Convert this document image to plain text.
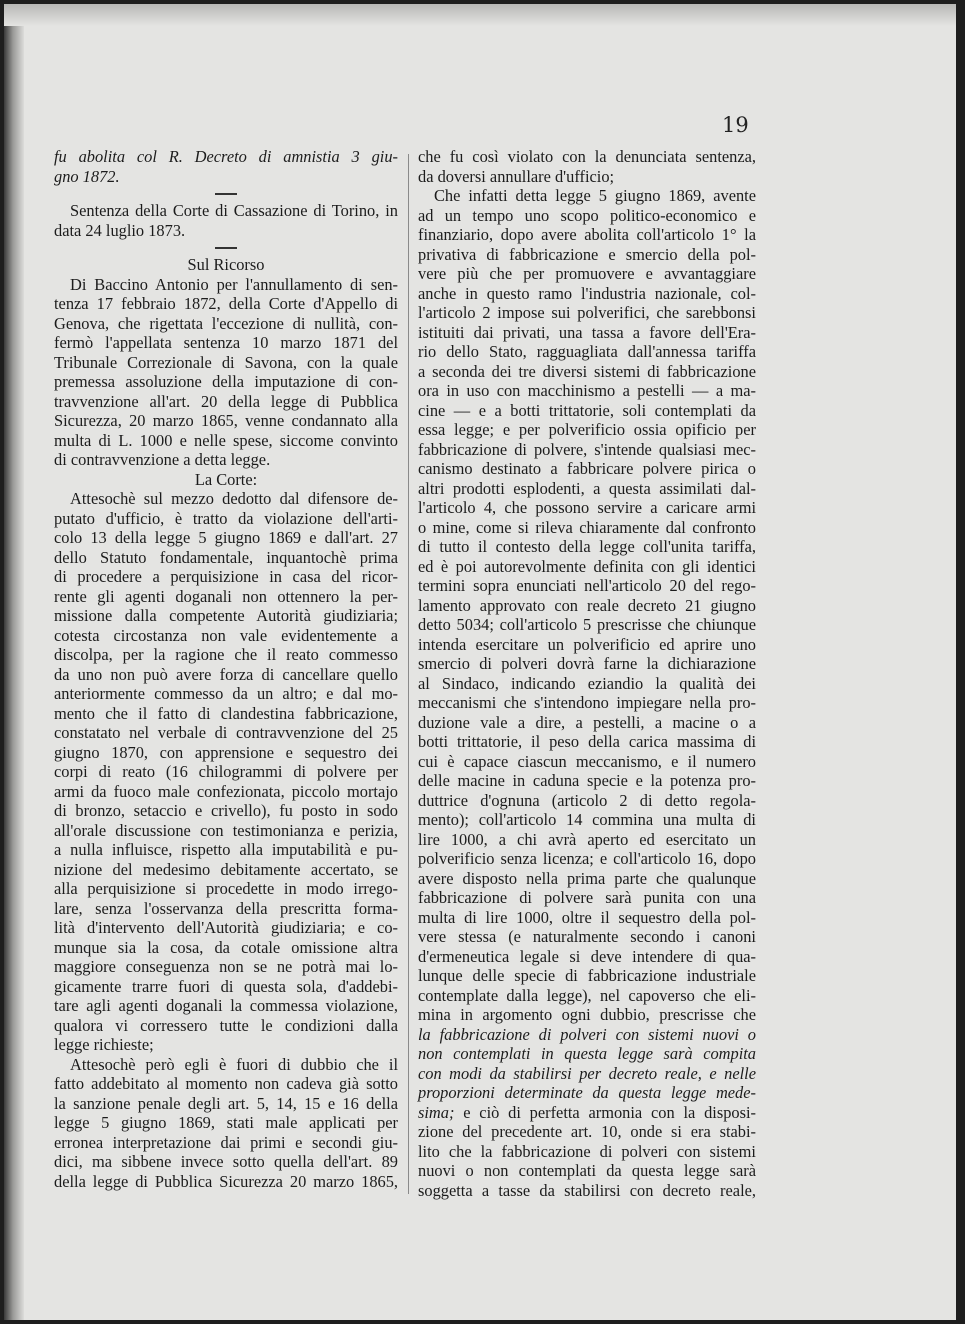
19

fu abolita col R. Decreto di amnistia 3 giu-

gno 1872.

Sentenza della Corte di Cassazione di Torino, in

data 24 luglio 1873.

Sul Ricorso

Di Baccino Antonio per l'annullamento di sen-

tenza 17 febbraio 1872, della Corte d'Appello di

Genova, che rigettata l'eccezione di nullità, con-

fermò l'appellata sentenza 10 marzo 1871 del

Tribunale Correzionale di Savona, con la quale

premessa assoluzione della imputazione di con-

travvenzione all'art. 20 della legge di Pubblica

Sicurezza, 20 marzo 1865, venne condannato alla

multa di L. 1000 e nelle spese, siccome convinto

di contravvenzione a detta legge.

La Corte:

Attesochè sul mezzo dedotto dal difensore de-

putato d'ufficio, è tratto da violazione dell'arti-

colo 13 della legge 5 giugno 1869 e dall'art. 27

dello Statuto fondamentale, inquantochè prima

di procedere a perquisizione in casa del ricor-

rente gli agenti doganali non ottennero la per-

missione dalla competente Autorità giudiziaria;

cotesta circostanza non vale evidentemente a

discolpa, per la ragione che il reato commesso

da uno non può avere forza di cancellare quello

anteriormente commesso da un altro; e dal mo-

mento che il fatto di clandestina fabbricazione,

constatato nel verbale di contravvenzione del 25

giugno 1870, con apprensione e sequestro dei

corpi di reato (16 chilogrammi di polvere per

armi da fuoco male confezionata, piccolo mortajo

di bronzo, setaccio e crivello), fu posto in sodo

all'orale discussione con testimonianza e perizia,

a nulla influisce, rispetto alla imputabilità e pu-

nizione del medesimo debitamente accertato, se

alla perquisizione si procedette in modo irrego-

lare, senza l'osservanza della prescritta forma-

lità d'intervento dell'Autorità giudiziaria; e co-

munque sia la cosa, da cotale omissione altra

maggiore conseguenza non se ne potrà mai lo-

gicamente trarre fuori di questa sola, d'addebi-

tare agli agenti doganali la commessa violazione,

qualora vi corressero tutte le condizioni dalla

legge richieste;

Attesochè però egli è fuori di dubbio che il

fatto addebitato al momento non cadeva già sotto

la sanzione penale degli art. 5, 14, 15 e 16 della

legge 5 giugno 1869, stati male applicati per

erronea interpretazione dai primi e secondi giu-

dici, ma sibbene invece sotto quella dell'art. 89

della legge di Pubblica Sicurezza 20 marzo 1865,

che fu così violato con la denunciata sentenza,

da doversi annullare d'ufficio;

Che infatti detta legge 5 giugno 1869, avente

ad un tempo uno scopo politico-economico e

finanziario, dopo avere abolita coll'articolo 1° la

privativa di fabbricazione e smercio della pol-

vere più che per promuovere e avvantaggiare

anche in questo ramo l'industria nazionale, col-

l'articolo 2 impose sui polverifici, che sarebbonsi

istituiti dai privati, una tassa a favore dell'Era-

rio dello Stato, ragguagliata dall'annessa tariffa

a seconda dei tre diversi sistemi di fabbricazione

ora in uso con macchinismo a pestelli — a ma-

cine — e a botti trittatorie, soli contemplati da

essa legge; e per polverificio ossia opificio per

fabbricazione di polvere, s'intende qualsiasi mec-

canismo destinato a fabbricare polvere pirica o

altri prodotti esplodenti, a questa assimilati dal-

l'articolo 4, che possono servire a caricare armi

o mine, come si rileva chiaramente dal confronto

di tutto il contesto della legge coll'unita tariffa,

ed è poi autorevolmente definita con gli identici

termini sopra enunciati nell'articolo 20 del rego-

lamento approvato con reale decreto 21 giugno

detto 5034; coll'articolo 5 prescrisse che chiunque

intenda esercitare un polverificio ed aprire uno

smercio di polveri dovrà farne la dichiarazione

al Sindaco, indicando eziandio la qualità dei

meccanismi che s'intendono impiegare nella pro-

duzione vale a dire, a pestelli, a macine o a

botti trittatorie, il peso della carica massima di

cui è capace ciascun meccanismo, e il numero

delle macine in caduna specie e la potenza pro-

duttrice d'ognuna (articolo 2 di detto regola-

mento); coll'articolo 14 commina una multa di

lire 1000, a chi avrà aperto ed esercitato un

polverificio senza licenza; e coll'articolo 16, dopo

avere disposto nella prima parte che qualunque

fabbricazione di polvere sarà punita con una

multa di lire 1000, oltre il sequestro della pol-

vere stessa (e naturalmente secondo i canoni

d'ermeneutica legale si deve intendere di qua-

lunque delle specie di fabbricazione industriale

contemplate dalla legge), nel capoverso che eli-

mina in argomento ogni dubbio, prescrisse che

la fabbricazione di polveri con sistemi nuovi o

non contemplati in questa legge sarà compita

con modi da stabilirsi per decreto reale, e nelle

proporzioni determinate da questa legge mede-

sima; e ciò di perfetta armonia con la disposi-

zione del precedente art. 10, onde si era stabi-

lito che la fabbricazione di polveri con sistemi

nuovi o non contemplati da questa legge sarà

soggetta a tasse da stabilirsi con decreto reale,
